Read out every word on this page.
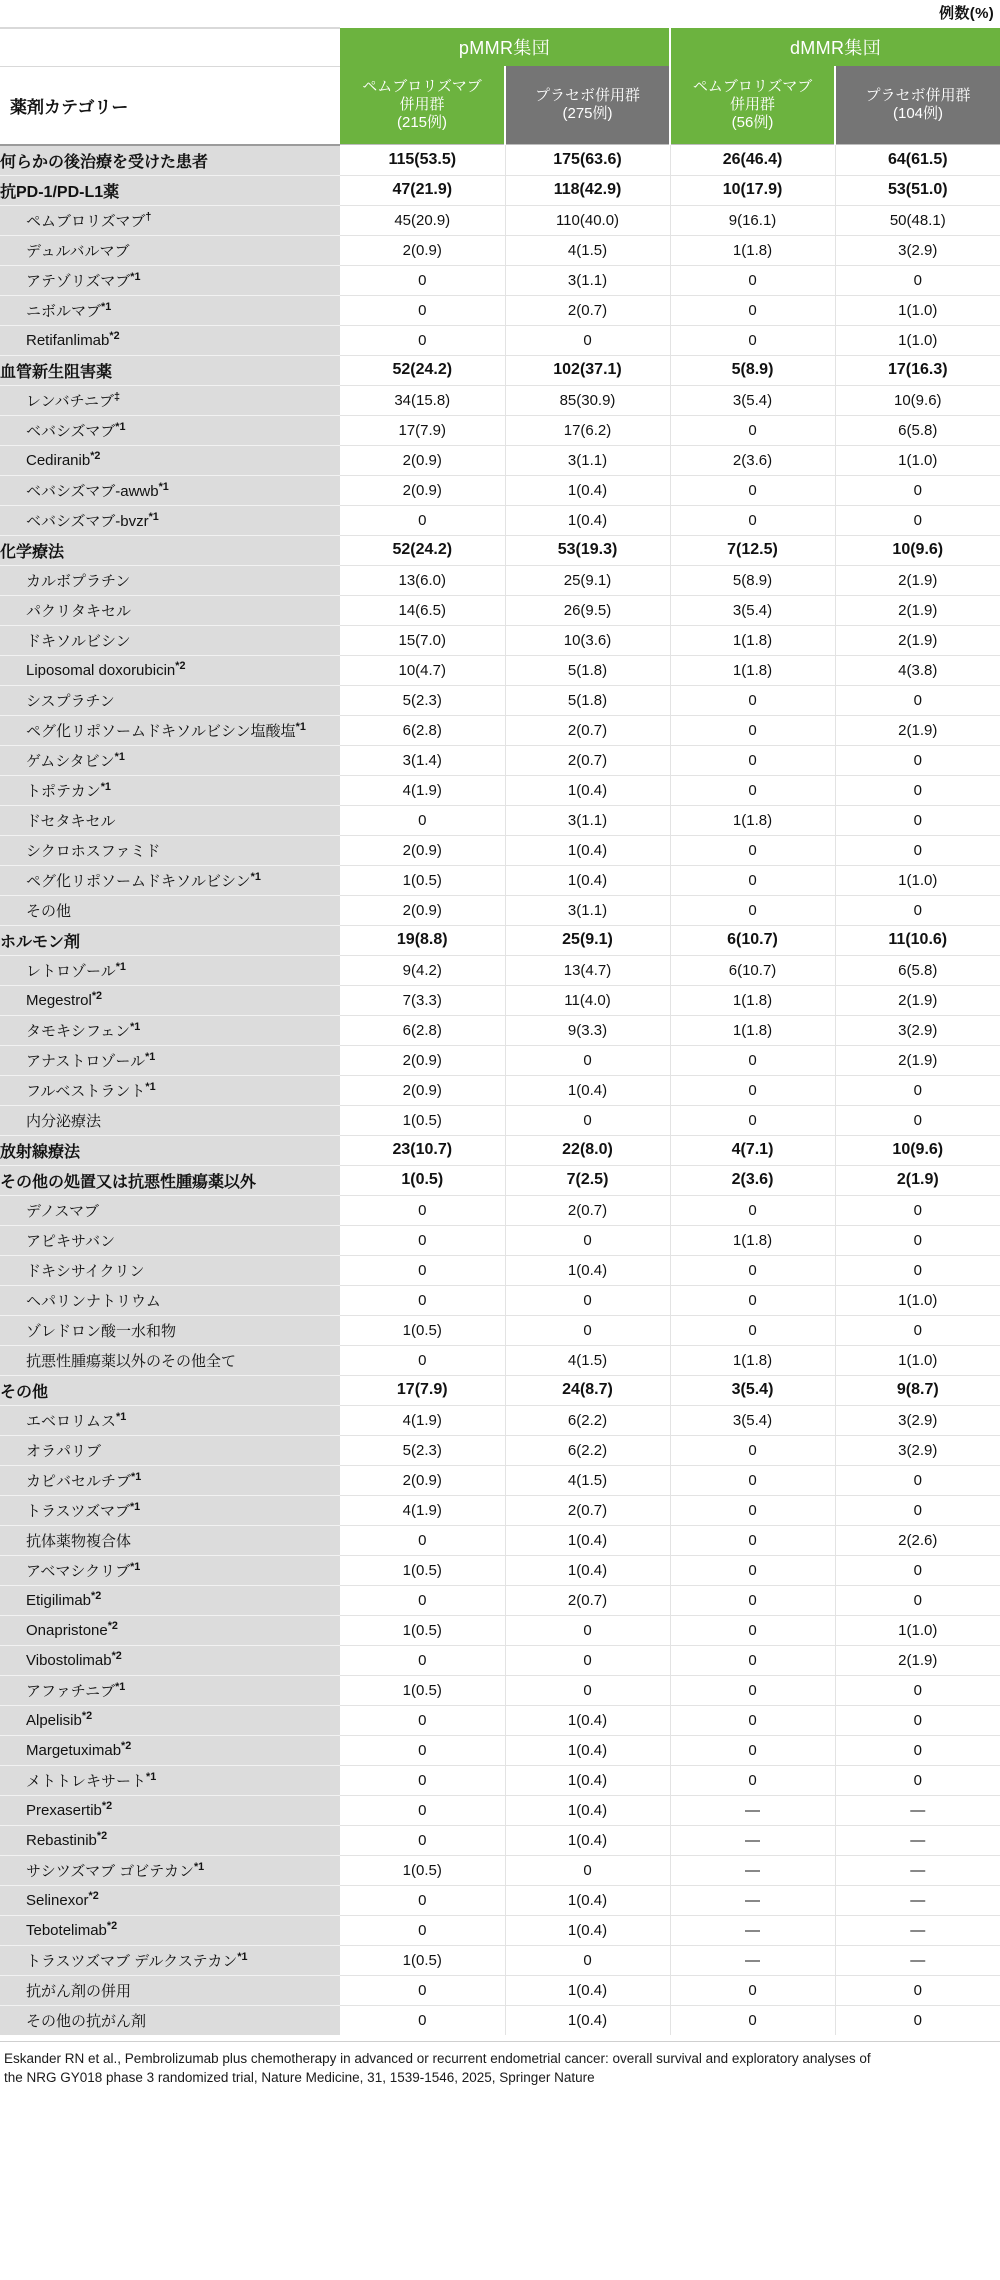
例数(%)
	pMMR集団		dMMR集団	
薬剤カテゴリー	
ペムブロリズマブ
併用群
(215例)

プラセボ併用群
(275例)

ペムブロリズマブ
併用群
(56例)

プラセボ併用群
(104例)

何らかの後治療を受けた患者	115(53.5)	175(63.6)	26(46.4)	64(61.5)
抗PD-1/PD-L1薬	47(21.9)	118(42.9)	10(17.9)	53(51.0)
ペムブロリズマブ†	45(20.9)	110(40.0)	9(16.1)	50(48.1)
デュルバルマブ	2(0.9)	4(1.5)	1(1.8)	3(2.9)
アテゾリズマブ$^{*1}$	0	3(1.1)	0	0
ニボルマブ$^{*1}$	0	2(0.7)	0	1(1.0)
Retifanlimab$^{*2}$	0	0	0	1(1.0)
血管新生阻害薬	52(24.2)	102(37.1)	5(8.9)	17(16.3)
レンバチニブ‡	34(15.8)	85(30.9)	3(5.4)	10(9.6)
ベバシズマブ$^{*1}$	17(7.9)	17(6.2)	0	6(5.8)
Cediranib$^{*2}$	2(0.9)	3(1.1)	2(3.6)	1(1.0)
ベバシズマブ-awwb$^{*1}$	2(0.9)	1(0.4)	0	0
ベバシズマブ-bvzr$^{*1}$	0	1(0.4)	0	0
化学療法	52(24.2)	53(19.3)	7(12.5)	10(9.6)
カルボプラチン	13(6.0)	25(9.1)	5(8.9)	2(1.9)
パクリタキセル	14(6.5)	26(9.5)	3(5.4)	2(1.9)
ドキソルビシン	15(7.0)	10(3.6)	1(1.8)	2(1.9)
Liposomal doxorubicin$^{*2}$	10(4.7)	5(1.8)	1(1.8)	4(3.8)
シスプラチン	5(2.3)	5(1.8)	0	0
ペグ化リポソームドキソルビシン塩酸塩$^{*1}$	6(2.8)	2(0.7)	0	2(1.9)
ゲムシタビン$^{*1}$	3(1.4)	2(0.7)	0	0
トポテカン$^{*1}$	4(1.9)	1(0.4)	0	0
ドセタキセル	0	3(1.1)	1(1.8)	0
シクロホスファミド	2(0.9)	1(0.4)	0	0
ペグ化リポソームドキソルビシン$^{*1}$	1(0.5)	1(0.4)	0	1(1.0)
その他	2(0.9)	3(1.1)	0	0
ホルモン剤	19(8.8)	25(9.1)	6(10.7)	11(10.6)
レトロゾール$^{*1}$	9(4.2)	13(4.7)	6(10.7)	6(5.8)
Megestrol$^{*2}$	7(3.3)	11(4.0)	1(1.8)	2(1.9)
タモキシフェン$^{*1}$	6(2.8)	9(3.3)	1(1.8)	3(2.9)
アナストロゾール$^{*1}$	2(0.9)	0	0	2(1.9)
フルベストラント$^{*1}$	2(0.9)	1(0.4)	0	0
内分泌療法	1(0.5)	0	0	0
放射線療法	23(10.7)	22(8.0)	4(7.1)	10(9.6)
その他の処置又は抗悪性腫瘍薬以外	1(0.5)	7(2.5)	2(3.6)	2(1.9)
デノスマブ	0	2(0.7)	0	0
アピキサバン	0	0	1(1.8)	0
ドキシサイクリン	0	1(0.4)	0	0
ヘパリンナトリウム	0	0	0	1(1.0)
ゾレドロン酸一水和物	1(0.5)	0	0	0
抗悪性腫瘍薬以外のその他全て	0	4(1.5)	1(1.8)	1(1.0)
その他	17(7.9)	24(8.7)	3(5.4)	9(8.7)
エベロリムス$^{*1}$	4(1.9)	6(2.2)	3(5.4)	3(2.9)
オラパリブ	5(2.3)	6(2.2)	0	3(2.9)
カピバセルチブ$^{*1}$	2(0.9)	4(1.5)	0	0
トラスツズマブ$^{*1}$	4(1.9)	2(0.7)	0	0
抗体薬物複合体	0	1(0.4)	0	2(2.6)
アベマシクリブ$^{*1}$	1(0.5)	1(0.4)	0	0
Etigilimab$^{*2}$	0	2(0.7)	0	0
Onapristone$^{*2}$	1(0.5)	0	0	1(1.0)
Vibostolimab$^{*2}$	0	0	0	2(1.9)
アファチニブ$^{*1}$	1(0.5)	0	0	0
Alpelisib$^{*2}$	0	1(0.4)	0	0
Margetuximab$^{*2}$	0	1(0.4)	0	0
メトトレキサート$^{*1}$	0	1(0.4)	0	0
Prexasertib$^{*2}$	0	1(0.4)	—	—
Rebastinib$^{*2}$	0	1(0.4)	—	—
サシツズマブ ゴビテカン$^{*1}$	1(0.5)	0	—	—
Selinexor$^{*2}$	0	1(0.4)	—	—
Tebotelimab$^{*2}$	0	1(0.4)	—	—
トラスツズマブ デルクステカン$^{*1}$	1(0.5)	0	—	—
抗がん剤の併用	0	1(0.4)	0	0
その他の抗がん剤	0	1(0.4)	0	0
Eskander RN et al., Pembrolizumab plus chemotherapy in advanced or recurrent endometrial cancer: overall survival and exploratory analyses of
the NRG GY018 phase 3 randomized trial, Nature Medicine, 31, 1539-1546, 2025, Springer Nature
